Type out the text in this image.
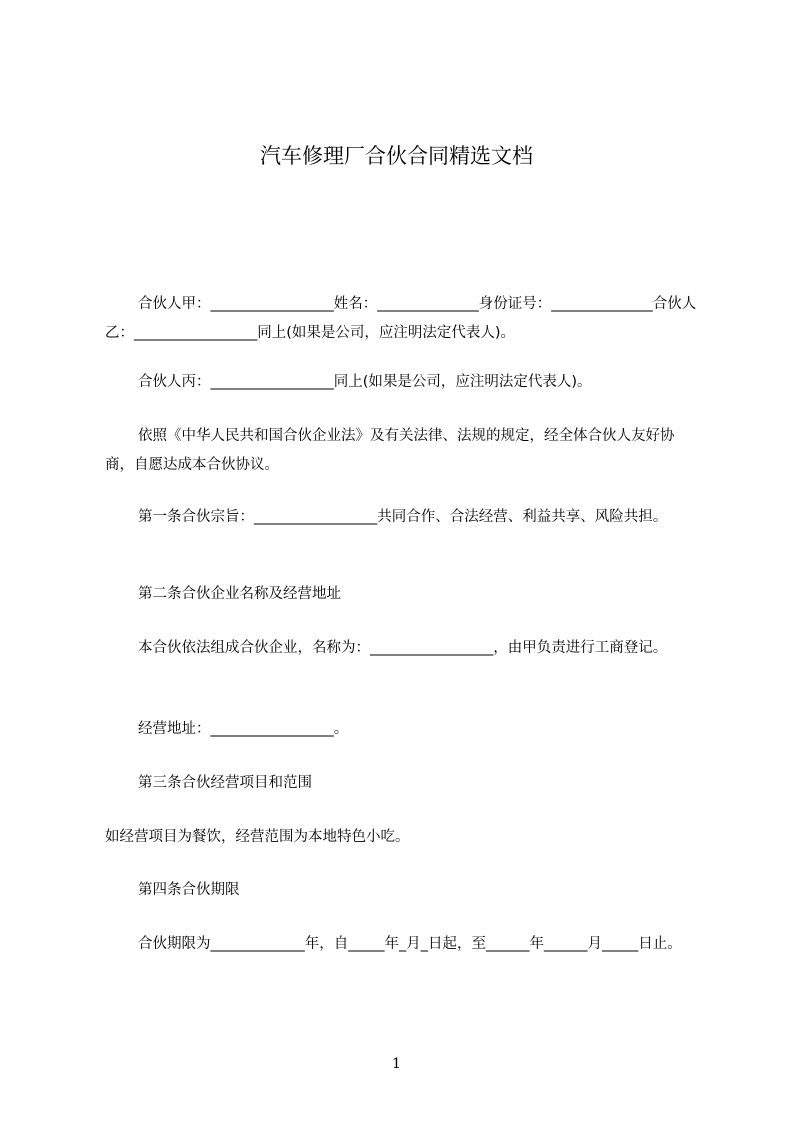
汽车修理厂合伙合同精选文档

合伙人甲：_________________姓名：______________身份证号：______________合伙人乙：_________________同上(如果是公司，应注明法定代表人)。

合伙人丙：_________________同上(如果是公司，应注明法定代表人)。

依照《中华人民共和国合伙企业法》及有关法律、法规的规定，经全体合伙人友好协商，自愿达成本合伙协议。

第一条合伙宗旨：_________________共同合作、合法经营、利益共享、风险共担。

第二条合伙企业名称及经营地址

本合伙依法组成合伙企业，名称为：_________________，由甲负责进行工商登记。

经营地址：_________________。

第三条合伙经营项目和范围

如经营项目为餐饮，经营范围为本地特色小吃。

第四条合伙期限

合伙期限为_____________年，自_____年_月_日起，至______年______月_____日止。

1
